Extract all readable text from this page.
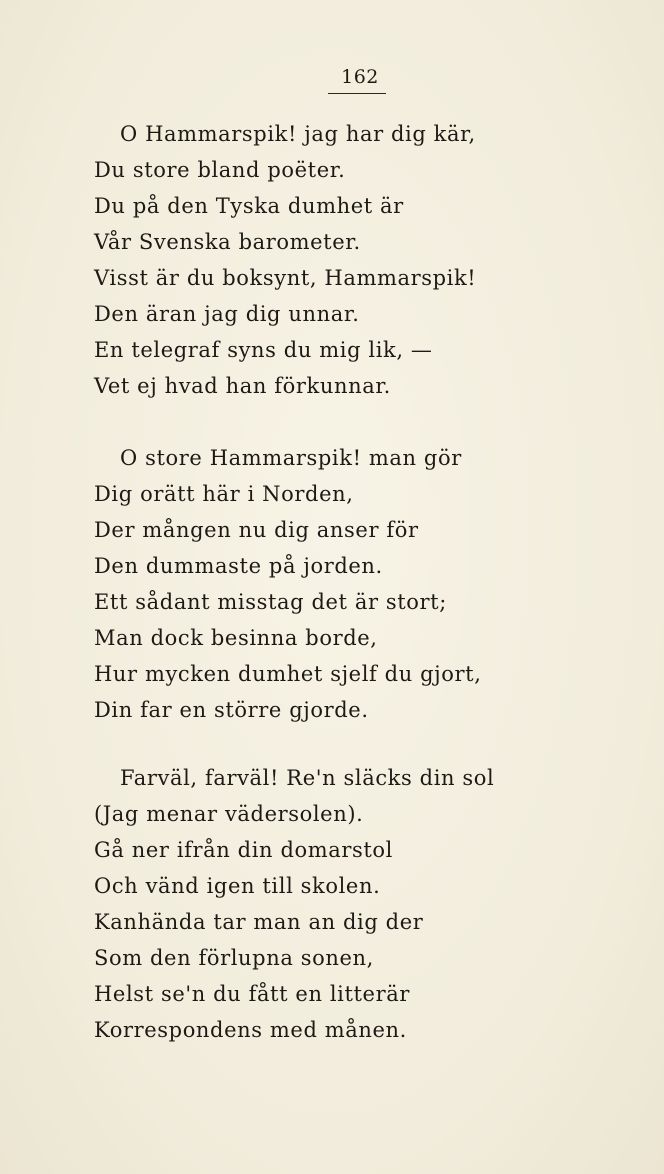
162
O Hammarspik! jag har dig kär,
Du store bland poëter.
Du på den Tyska dumhet är
Vår Svenska barometer.
Visst är du boksynt, Hammarspik!
Den äran jag dig unnar.
En telegraf syns du mig lik, —
Vet ej hvad han förkunnar.
O store Hammarspik! man gör
Dig orätt här i Norden,
Der mången nu dig anser för
Den dummaste på jorden.
Ett sådant misstag det är stort;
Man dock besinna borde,
Hur mycken dumhet sjelf du gjort,
Din far en större gjorde.
Farväl, farväl! Re'n släcks din sol
(Jag menar vädersolen).
Gå ner ifrån din domarstol
Och vänd igen till skolen.
Kanhända tar man an dig der
Som den förlupna sonen,
Helst se'n du fått en litterär
Korrespondens med månen.
